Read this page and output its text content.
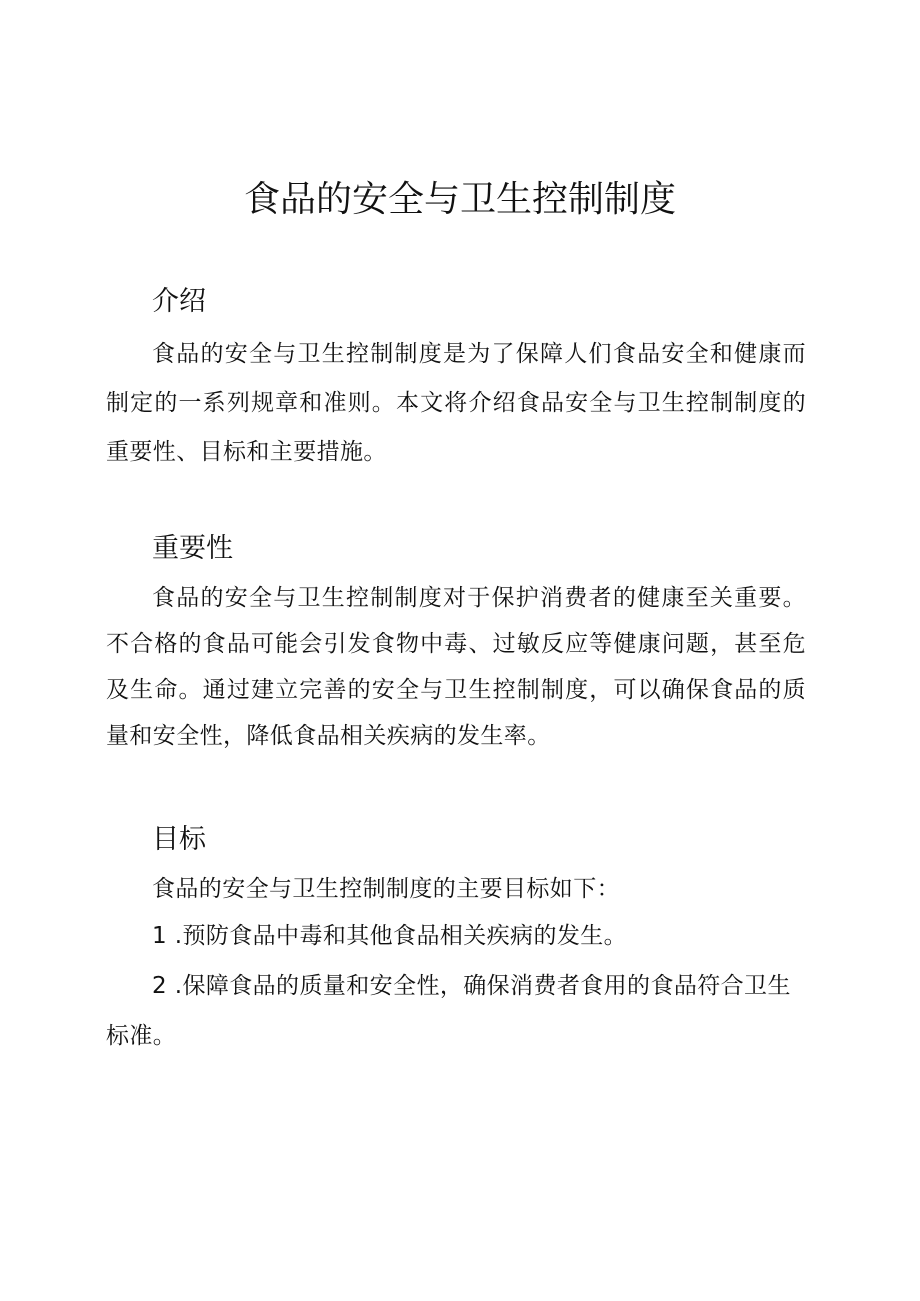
食品的安全与卫生控制制度
介绍

食品的安全与卫生控制制度是为了保障人们食品安全和健康而制定的一系列规章和准则。本文将介绍食品安全与卫生控制制度的重要性、目标和主要措施。

重要性

食品的安全与卫生控制制度对于保护消费者的健康至关重要。不合格的食品可能会引发食物中毒、过敏反应等健康问题，甚至危及生命。通过建立完善的安全与卫生控制制度，可以确保食品的质量和安全性，降低食品相关疾病的发生率。

目标

食品的安全与卫生控制制度的主要目标如下：

1 .预防食品中毒和其他食品相关疾病的发生。

2 .保障食品的质量和安全性，确保消费者食用的食品符合卫生标准。
